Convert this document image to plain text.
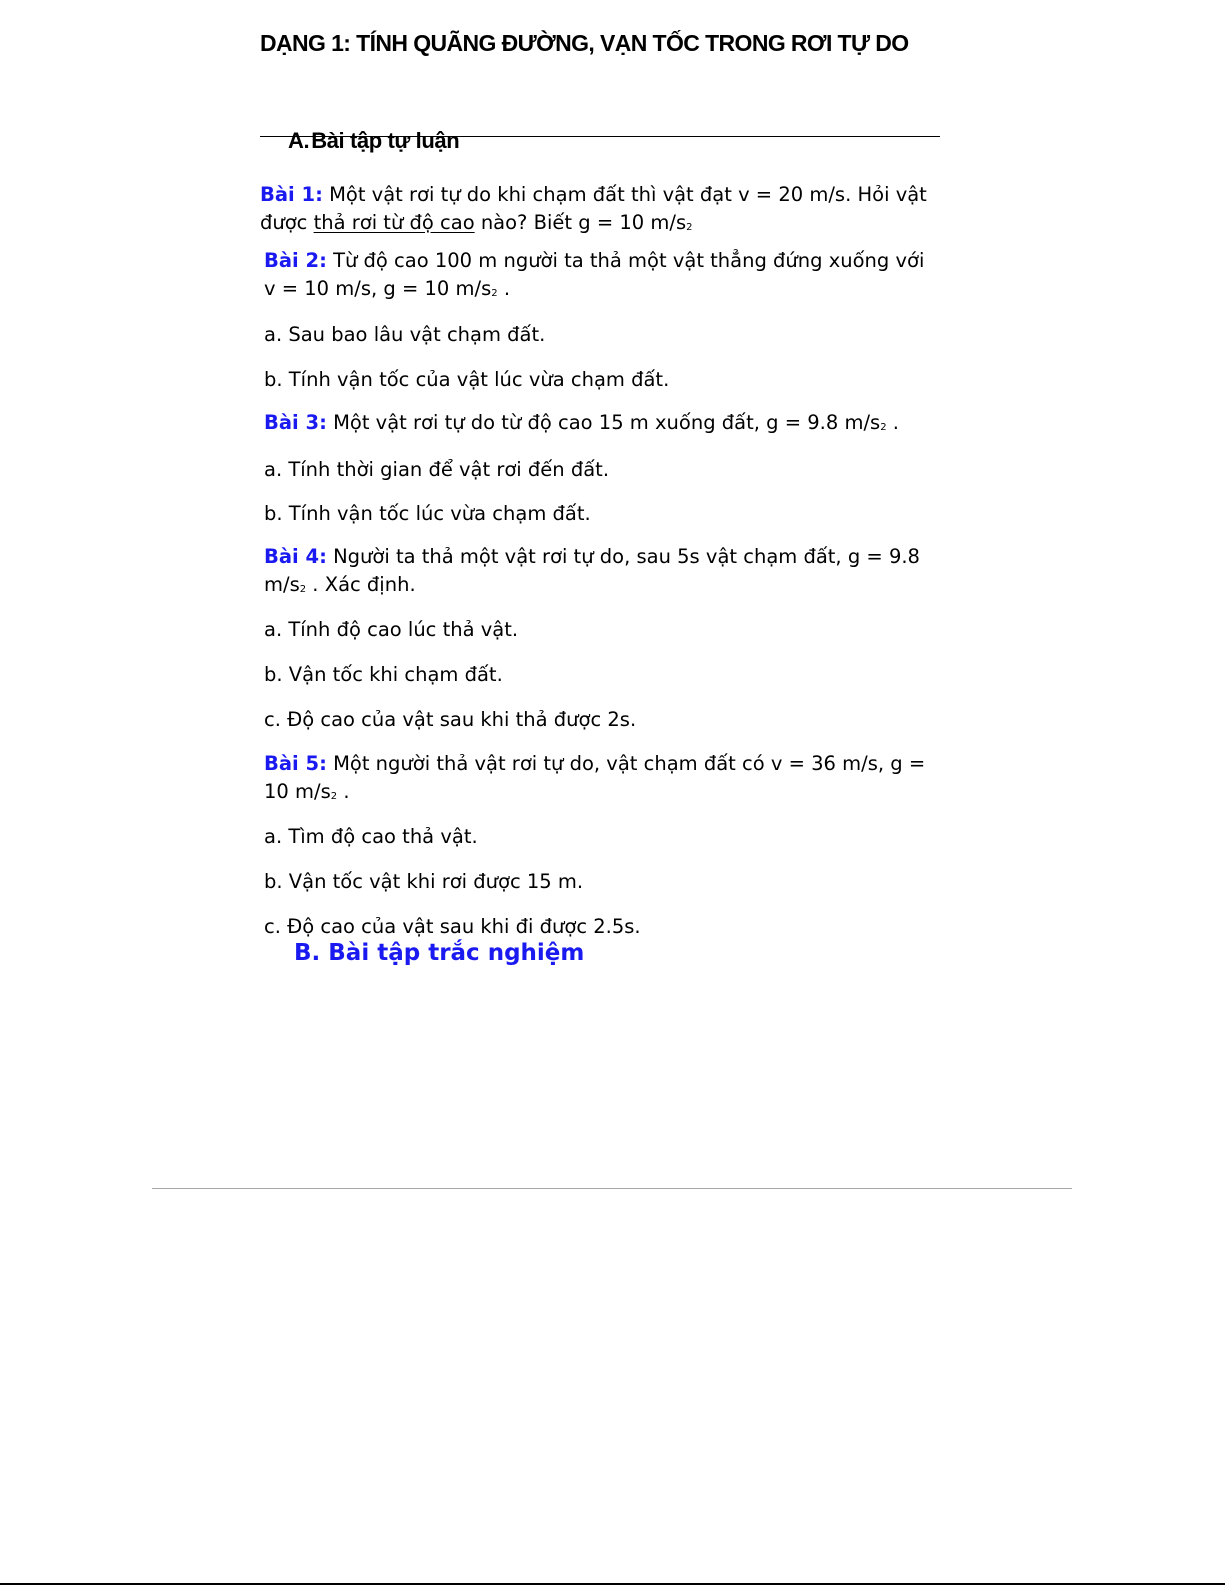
DẠNG 1: TÍNH QUÃNG ĐƯỜNG, VẠN TỐC TRONG RƠI TỰ DO
A.Bài tập tự luận
Bài 1: Một vật rơi tự do khi chạm đất thì vật đạt v = 20 m/s. Hỏi vật
được thả rơi từ độ cao nào? Biết g = 10 m/s2
Bài 2: Từ độ cao 100 m người ta thả một vật thẳng đứng xuống với
v = 10 m/s, g = 10 m/s2 .
a. Sau bao lâu vật chạm đất.
b. Tính vận tốc của vật lúc vừa chạm đất.
Bài 3: Một vật rơi tự do từ độ cao 15 m xuống đất, g = 9.8 m/s2 .
a. Tính thời gian để vật rơi đến đất.
b. Tính vận tốc lúc vừa chạm đất.
Bài 4: Người ta thả một vật rơi tự do, sau 5s vật chạm đất, g = 9.8
m/s2 . Xác định.
a. Tính độ cao lúc thả vật.
b. Vận tốc khi chạm đất.
c. Độ cao của vật sau khi thả được 2s.
Bài 5: Một người thả vật rơi tự do, vật chạm đất có v = 36 m/s, g =
10 m/s2 .
a. Tìm độ cao thả vật.
b. Vận tốc vật khi rơi được 15 m.
c. Độ cao của vật sau khi đi được 2.5s.
B. Bài tập trắc nghiệm
